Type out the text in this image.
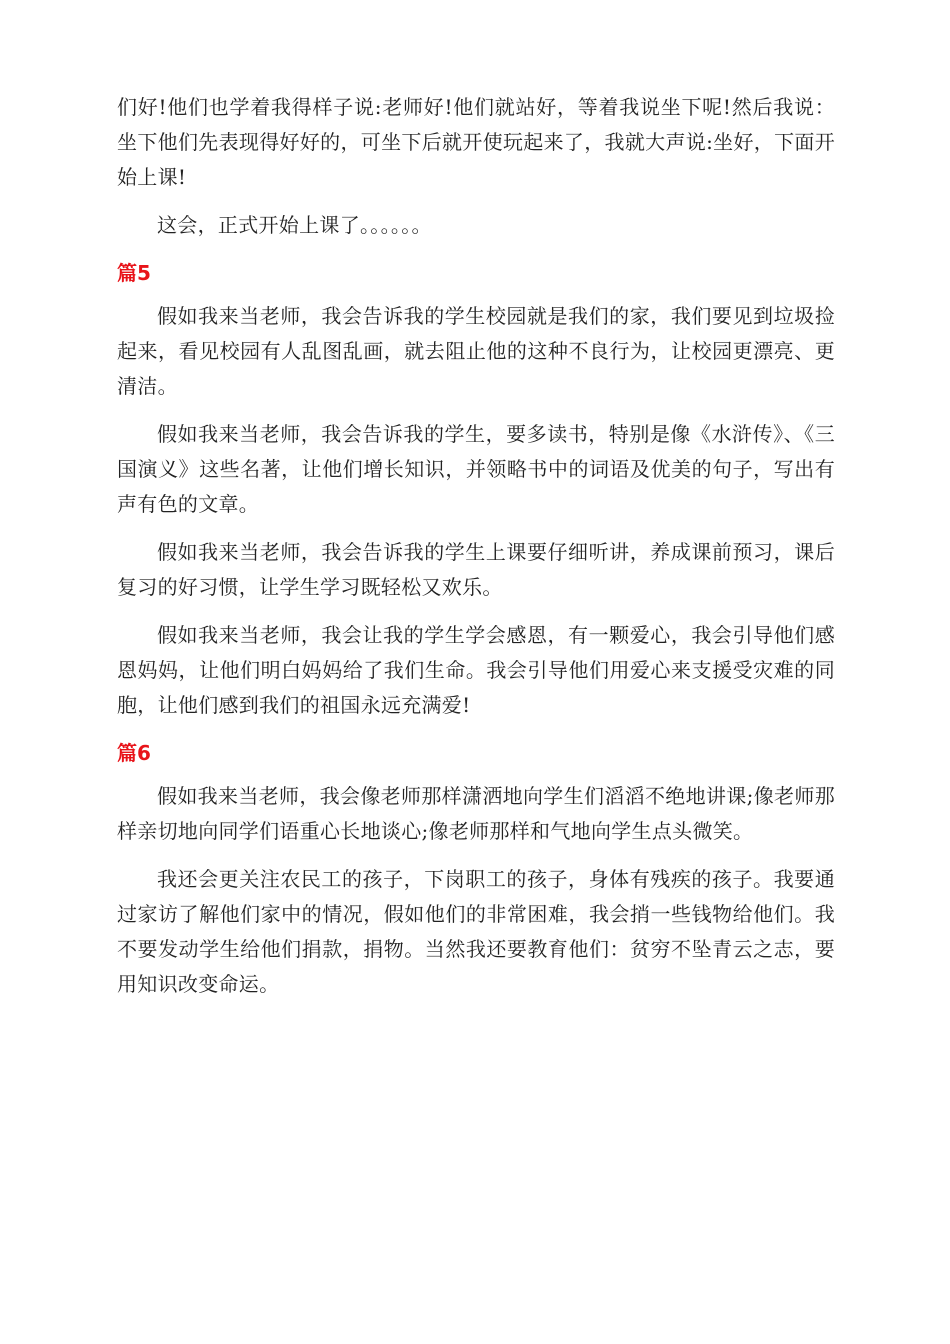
们好!他们也学着我得样子说:老师好!他们就站好，等着我说坐下呢!然后我说：坐下他们先表现得好好的，可坐下后就开使玩起来了，我就大声说:坐好，下面开始上课!

这会，正式开始上课了。。。。。。

篇5

假如我来当老师，我会告诉我的学生校园就是我们的家，我们要见到垃圾捡起来，看见校园有人乱图乱画，就去阻止他的这种不良行为，让校园更漂亮、更清洁。

假如我来当老师，我会告诉我的学生，要多读书，特别是像《水浒传》、《三国演义》这些名著，让他们增长知识，并领略书中的词语及优美的句子，写出有声有色的文章。

假如我来当老师，我会告诉我的学生上课要仔细听讲，养成课前预习，课后复习的好习惯，让学生学习既轻松又欢乐。

假如我来当老师，我会让我的学生学会感恩，有一颗爱心，我会引导他们感恩妈妈，让他们明白妈妈给了我们生命。我会引导他们用爱心来支援受灾难的同胞，让他们感到我们的祖国永远充满爱!

篇6

假如我来当老师，我会像老师那样潇洒地向学生们滔滔不绝地讲课;像老师那样亲切地向同学们语重心长地谈心;像老师那样和气地向学生点头微笑。

我还会更关注农民工的孩子，下岗职工的孩子，身体有残疾的孩子。我要通过家访了解他们家中的情况，假如他们的非常困难，我会捎一些钱物给他们。我不要发动学生给他们捐款，捐物。当然我还要教育他们：贫穷不坠青云之志，要用知识改变命运。
